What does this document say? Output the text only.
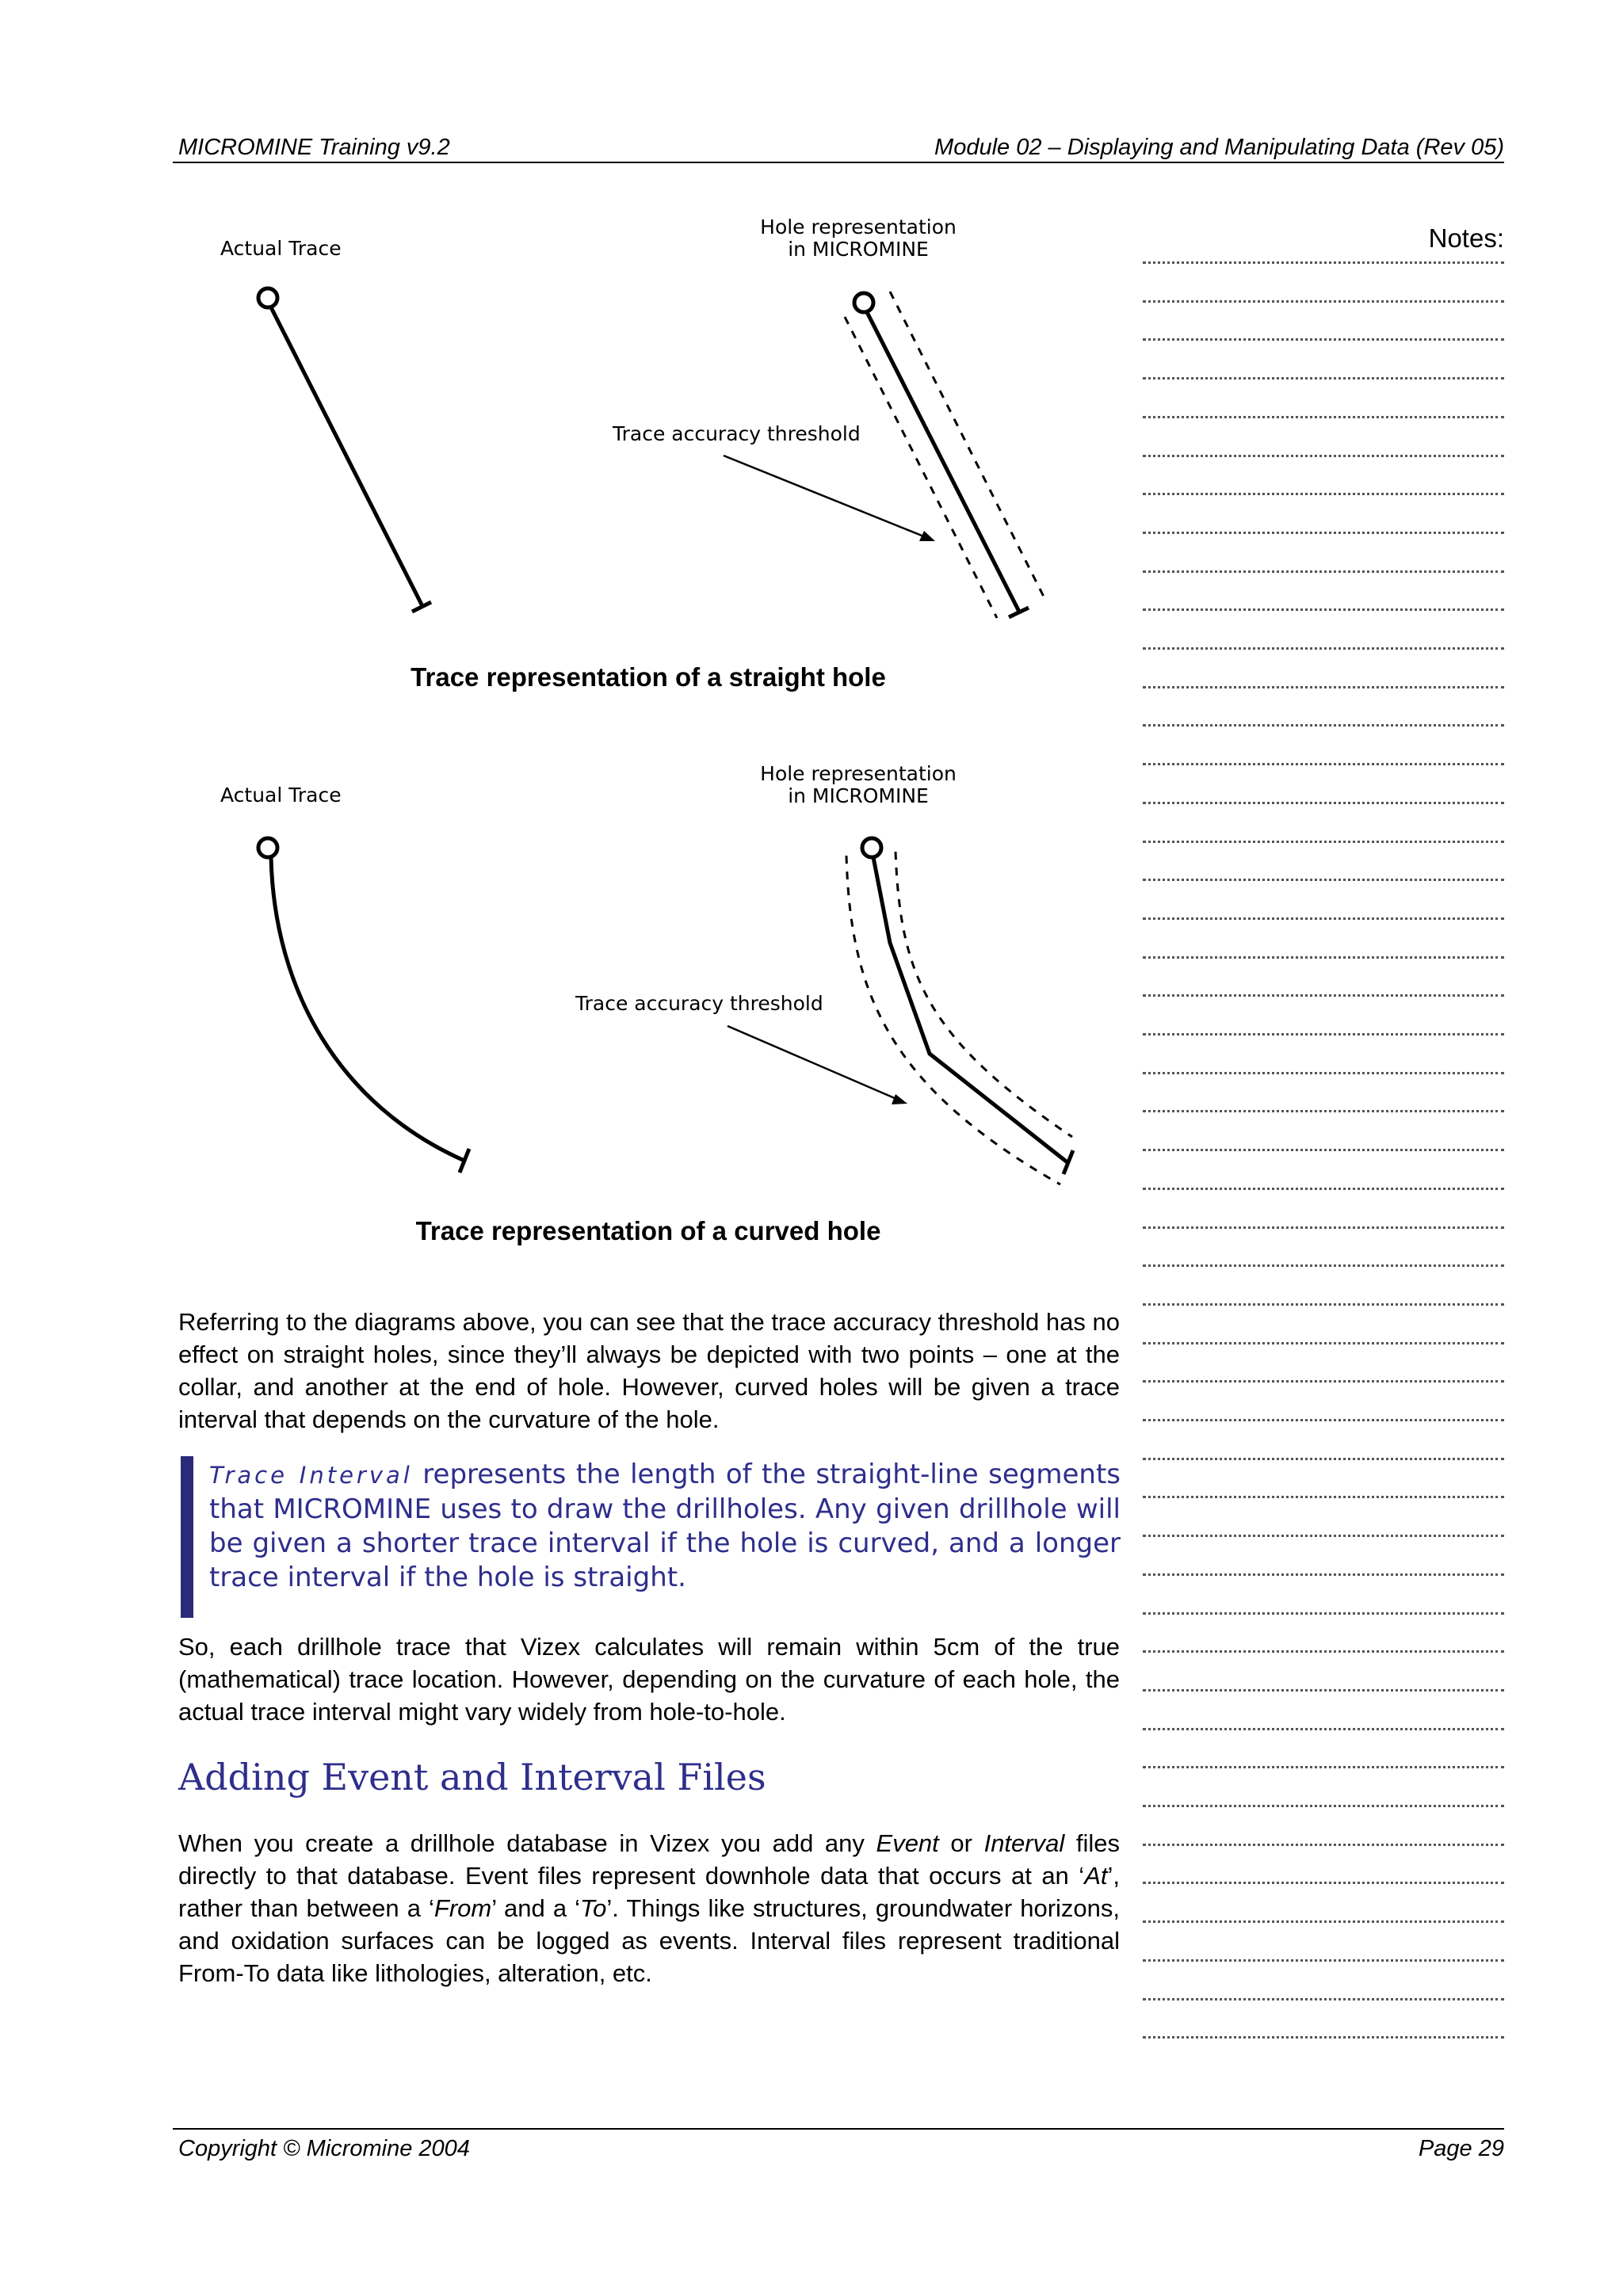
MICROMINE Training v9.2	Module 02 – Displaying and Manipulating Data (Rev 05)
Notes:
Actual Trace
Hole representation
in MICROMINE
Trace accuracy threshold
Trace representation of a straight hole
Actual Trace
Hole representation
in MICROMINE
Trace accuracy threshold
Trace representation of a curved hole
Referring to the diagrams above, you can see that the trace accuracy threshold has no effect on straight holes, since they’ll always be depicted with two points – one at the collar, and another at the end of hole. However, curved holes will be given a trace interval that depends on the curvature of the hole.
Trace Interval represents the length of the straight-line segments that MICROMINE uses to draw the drillholes. Any given drillhole will be given a shorter trace interval if the hole is curved, and a longer trace interval if the hole is straight.
So, each drillhole trace that Vizex calculates will remain within 5cm of the true (mathematical) trace location. However, depending on the curvature of each hole, the actual trace interval might vary widely from hole-to-hole.
Adding Event and Interval Files
When you create a drillhole database in Vizex you add any Event or Interval files directly to that database. Event files represent downhole data that occurs at an ‘At’, rather than between a ‘From’ and a ‘To’. Things like structures, groundwater horizons, and oxidation surfaces can be logged as events. Interval files represent traditional From-To data like lithologies, alteration, etc.
Copyright © Micromine 2004	Page 29
